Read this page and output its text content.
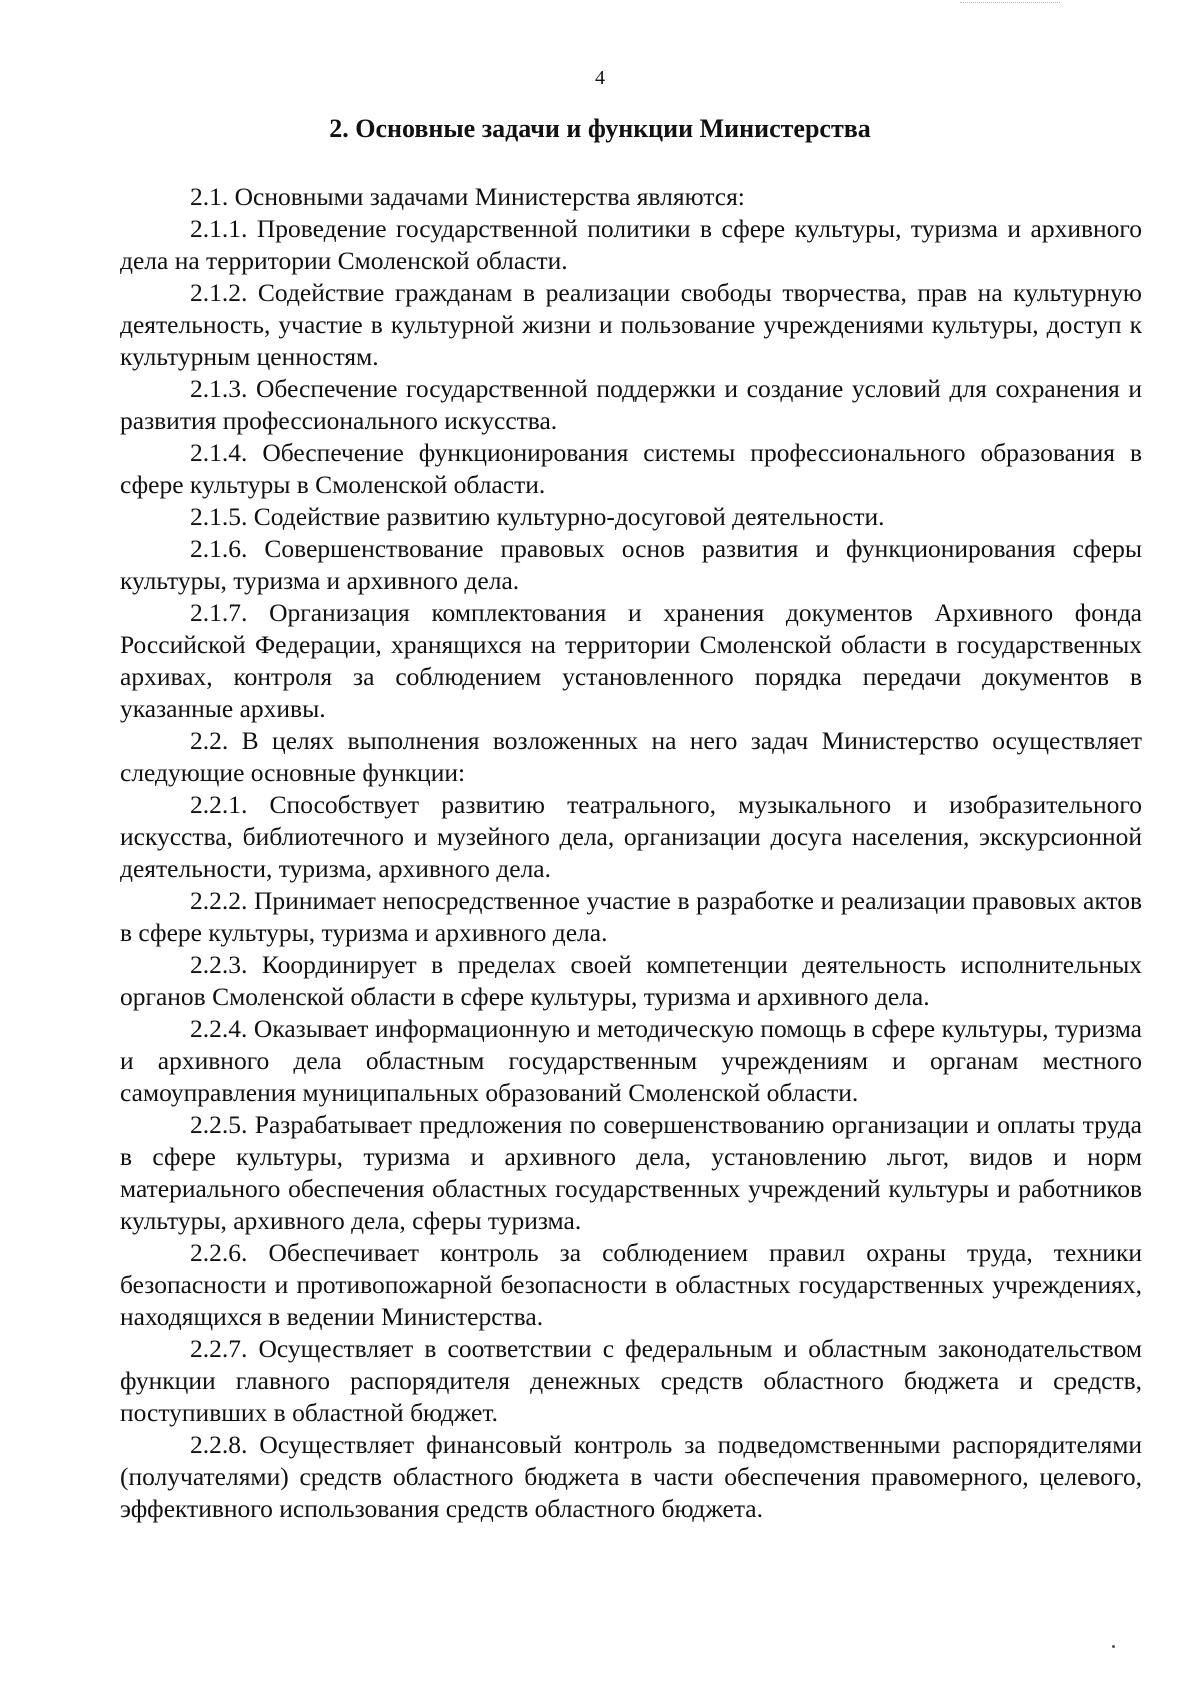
4
2. Основные задачи и функции Министерства

2.1. Основными задачами Министерства являются:

2.1.1. Проведение государственной политики в сфере культуры, туризма и архивного дела на территории Смоленской области.

2.1.2. Содействие гражданам в реализации свободы творчества, прав на культурную деятельность, участие в культурной жизни и пользование учреждениями культуры, доступ к культурным ценностям.

2.1.3. Обеспечение государственной поддержки и создание условий для сохранения и развития профессионального искусства.

2.1.4. Обеспечение функционирования системы профессионального образования в сфере культуры в Смоленской области.

2.1.5. Содействие развитию культурно-досуговой деятельности.

2.1.6. Совершенствование правовых основ развития и функционирования сферы культуры, туризма и архивного дела.

2.1.7. Организация комплектования и хранения документов Архивного фонда Российской Федерации, хранящихся на территории Смоленской области в государственных архивах, контроля за соблюдением установленного порядка передачи документов в указанные архивы.

2.2. В целях выполнения возложенных на него задач Министерство осуществляет следующие основные функции:

2.2.1. Способствует развитию театрального, музыкального и изобразительного искусства, библиотечного и музейного дела, организации досуга населения, экскурсионной деятельности, туризма, архивного дела.

2.2.2. Принимает непосредственное участие в разработке и реализации правовых актов в сфере культуры, туризма и архивного дела.

2.2.3. Координирует в пределах своей компетенции деятельность исполнительных органов Смоленской области в сфере культуры, туризма и архивного дела.

2.2.4. Оказывает информационную и методическую помощь в сфере культуры, туризма и архивного дела областным государственным учреждениям и органам местного самоуправления муниципальных образований Смоленской области.

2.2.5. Разрабатывает предложения по совершенствованию организации и оплаты труда в сфере культуры, туризма и архивного дела, установлению льгот, видов и норм материального обеспечения областных государственных учреждений культуры и работников культуры, архивного дела, сферы туризма.

2.2.6. Обеспечивает контроль за соблюдением правил охраны труда, техники безопасности и противопожарной безопасности в областных государственных учреждениях, находящихся в ведении Министерства.

2.2.7. Осуществляет в соответствии с федеральным и областным законодательством функции главного распорядителя денежных средств областного бюджета и средств, поступивших в областной бюджет.

2.2.8. Осуществляет финансовый контроль за подведомственными распорядителями (получателями) средств областного бюджета в части обеспечения правомерного, целевого, эффективного использования средств областного бюджета.
